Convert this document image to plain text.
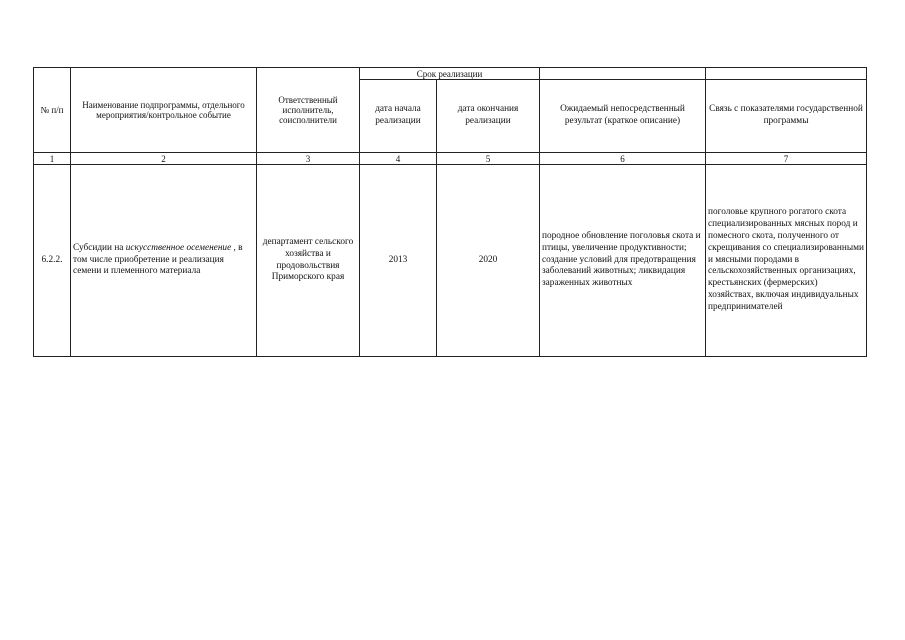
№ п/п	Наименование подпрограммы, отдельного мероприятия/контрольное событие	Ответственный исполнитель, соисполнители	Срок реализации			
			дата начала реализации	дата окончания реализации	Ожидаемый непосредственный результат (краткое описание)	Связь с показателями государственной программы
1	2	3	4	5	6	7
6.2.2.	Субсидии на искусственное осеменение , в том числе приобретение и реализация семени и племенного материала	департамент сельского хозяйства и продовольствия Приморского края	2013	2020	породное обновление поголовья скота и птицы, увеличение продуктивности; создание условий для предотвращения заболеваний животных; ликвидация зараженных животных	поголовье крупного рогатого скота специализированных мясных пород и помесного скота, полученного от скрещивания со специализированными и мясными породами в сельскохозяйственных организациях, крестьянских (фермерских) хозяйствах, включая индивидуальных предпринимателей
